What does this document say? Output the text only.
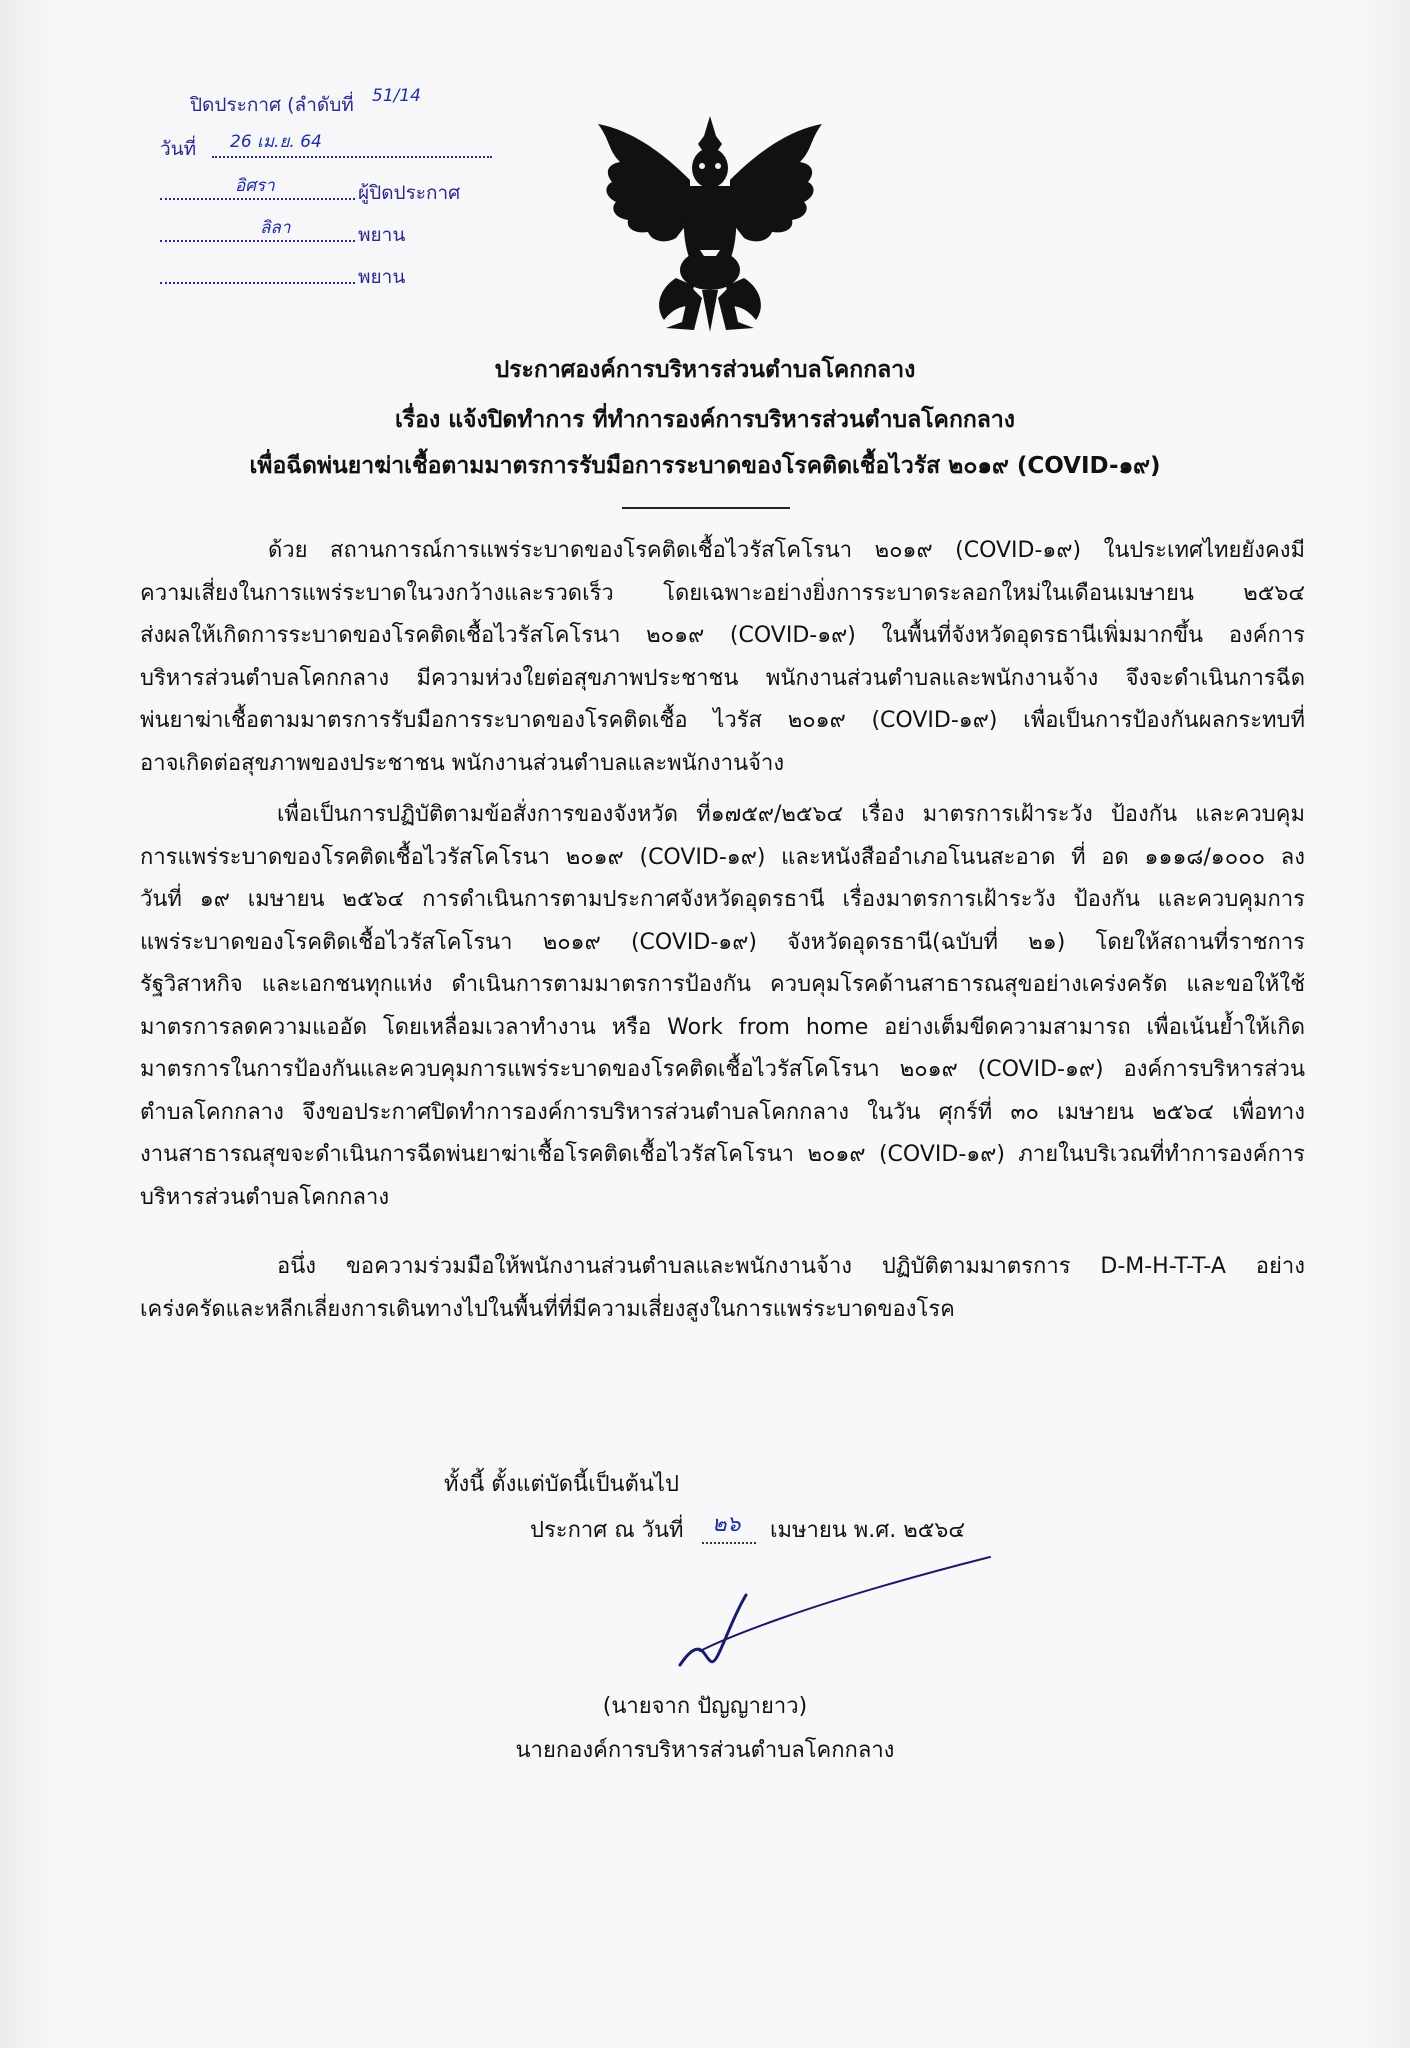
ปิดประกาศ (ลำดับที่ 51/14
วันที่ 26 เม.ย. 64
อิศรา	ผู้ปิดประกาศ
ลิลา	พยาน
พยาน
ประกาศองค์การบริหารส่วนตำบลโคกกลาง
เรื่อง แจ้งปิดทำการ ที่ทำการองค์การบริหารส่วนตำบลโคกกลาง
เพื่อฉีดพ่นยาฆ่าเชื้อตามมาตรการรับมือการระบาดของโรคติดเชื้อไวรัส ๒๐๑๙ (COVID-๑๙)
ด้วย สถานการณ์การแพร่ระบาดของโรคติดเชื้อไวรัสโคโรนา ๒๐๑๙ (COVID-๑๙) ในประเทศไทยยังคงมี
ความเสี่ยงในการแพร่ระบาดในวงกว้างและรวดเร็ว โดยเฉพาะอย่างยิ่งการระบาดระลอกใหม่ในเดือนเมษายน ๒๕๖๔
ส่งผลให้เกิดการระบาดของโรคติดเชื้อไวรัสโคโรนา ๒๐๑๙ (COVID-๑๙) ในพื้นที่จังหวัดอุดรธานีเพิ่มมากขึ้น องค์การ
บริหารส่วนตำบลโคกกลาง มีความห่วงใยต่อสุขภาพประชาชน พนักงานส่วนตำบลและพนักงานจ้าง จึงจะดำเนินการฉีด
พ่นยาฆ่าเชื้อตามมาตรการรับมือการระบาดของโรคติดเชื้อ ไวรัส ๒๐๑๙ (COVID-๑๙) เพื่อเป็นการป้องกันผลกระทบที่
อาจเกิดต่อสุขภาพของประชาชน พนักงานส่วนตำบลและพนักงานจ้าง
เพื่อเป็นการปฏิบัติตามข้อสั่งการของจังหวัด ที่๑๗๕๙/๒๕๖๔ เรื่อง มาตรการเฝ้าระวัง ป้องกัน และควบคุม
การแพร่ระบาดของโรคติดเชื้อไวรัสโคโรนา ๒๐๑๙ (COVID-๑๙) และหนังสืออำเภอโนนสะอาด ที่ อด ๑๑๑๘/๑๐๐๐ ลง
วันที่ ๑๙ เมษายน ๒๕๖๔ การดำเนินการตามประกาศจังหวัดอุดรธานี เรื่องมาตรการเฝ้าระวัง ป้องกัน และควบคุมการ
แพร่ระบาดของโรคติดเชื้อไวรัสโคโรนา ๒๐๑๙ (COVID-๑๙) จังหวัดอุดรธานี(ฉบับที่ ๒๑) โดยให้สถานที่ราชการ
รัฐวิสาหกิจ และเอกชนทุกแห่ง ดำเนินการตามมาตรการป้องกัน ควบคุมโรคด้านสาธารณสุขอย่างเคร่งครัด และขอให้ใช้
มาตรการลดความแออัด โดยเหลื่อมเวลาทำงาน หรือ Work from home อย่างเต็มขีดความสามารถ เพื่อเน้นย้ำให้เกิด
มาตรการในการป้องกันและควบคุมการแพร่ระบาดของโรคติดเชื้อไวรัสโคโรนา ๒๐๑๙ (COVID-๑๙) องค์การบริหารส่วน
ตำบลโคกกลาง จึงขอประกาศปิดทำการองค์การบริหารส่วนตำบลโคกกลาง ในวัน ศุกร์ที่ ๓๐ เมษายน ๒๕๖๔ เพื่อทาง
งานสาธารณสุขจะดำเนินการฉีดพ่นยาฆ่าเชื้อโรคติดเชื้อไวรัสโคโรนา ๒๐๑๙ (COVID-๑๙) ภายในบริเวณที่ทำการองค์การ
บริหารส่วนตำบลโคกกลาง
อนึ่ง ขอความร่วมมือให้พนักงานส่วนตำบลและพนักงานจ้าง ปฏิบัติตามมาตรการ D-M-H-T-T-A อย่าง
เคร่งครัดและหลีกเลี่ยงการเดินทางไปในพื้นที่ที่มีความเสี่ยงสูงในการแพร่ระบาดของโรค
ทั้งนี้ ตั้งแต่บัดนี้เป็นต้นไป
ประกาศ ณ วันที่ ๒๖ เมษายน พ.ศ. ๒๕๖๔
(นายจาก ปัญญายาว)
นายกองค์การบริหารส่วนตำบลโคกกลาง
